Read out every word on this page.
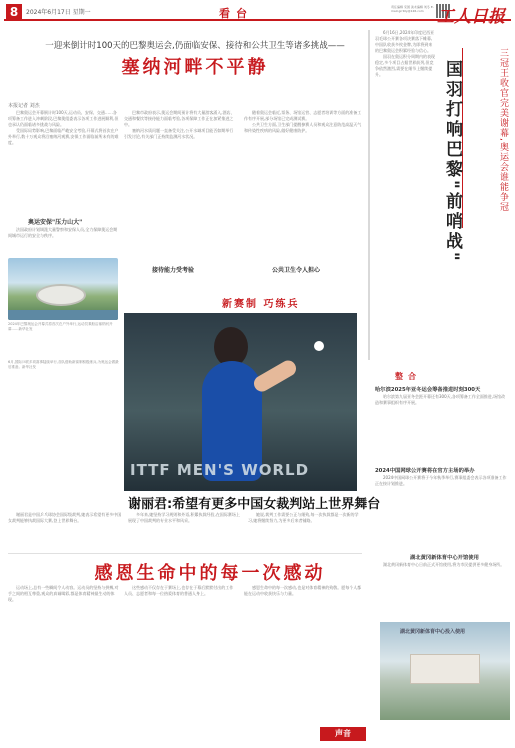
8	2024年6月17日 星期一	看台	责任编辑 宋国 美术编辑 刘冬 E-mail:grrbty@126.com 工人日报
一迎来倒计时100天的巴黎奥运会,仍面临安保、接待和公共卫生等诸多挑战——
塞纳河畔不平静
本报记者 刘杰

巴黎奥运会开幕倒计时100天,运动员、安保、交通……各项筹备工作进入冲刺阶段,巴黎奥组委表示各项工作进展顺利,但也承认仍面临诸多挑战与风险。

受国际局势影响,巴黎面临严峻安全考验,开幕式将首次在户外举行,数十万观众将沿塞纳河观赛,安保工作面临前所未有的难度。

奥运安保"压力山大"

法国政府计划调派大量警察和安保人员,全力保障奥运会期间城市运行的安全与秩序。

2024年巴黎奥运会开幕式将首次在户外举行,运动员乘船沿塞纳河开幕……新华社发

巴黎市政府表示,奥运会期间预计将有大量游客涌入,酒店、交通和餐饮等接待能力面临考验,各项保障工作正在加紧推进之中。

塞纳河水质问题一直备受关注,公开水域项目能否如期举行引发讨论,有关部门正持续监测河水状况。

接待能力受考验

随着奥运会临近,票务、场馆运营、志愿者培训等方面的准备工作有序开展,部分场馆已完成测试赛。

公共卫生方面,卫生部门提醒参赛人员和观众注意防范高温天气和传染性疾病的风险,做好健康防护。

公共卫生令人担心

6月16日,2024年印度尼西亚羽毛球公开赛各项决赛落下帷幕,中国队收获多枚金牌,为即将到来的巴黎奥运会积累经验与信心。

国羽在奥运积分周期内的表现稳定,多个项目占据世界前列,但竞争依然激烈,需要在细节上继续提升。	三冠王收官完美谢幕,奥运会谁能争冠
国羽打响巴黎"前哨战"
新赛制 巧练兵
ITTF MEN'S WORLD

6月,国际乒联多项赛事陆续举行,各队借助新赛制积极练兵,为奥运会做最后准备。新华社发

谢丽君:希望有更多中国女裁判站上世界舞台

谢丽君是中国乒乓球协会国际级裁判,她表示希望有更多中国女裁判能够执裁国际大赛,登上世界舞台。

多年来,她坚持学习规则和外语,积累执裁经验,在国际赛场上展现了中国裁判的专业水平和风采。

她说,裁判工作需要公正与细致,每一次执裁都是一次新的学习,她将继续努力,为更多后来者铺路。

感恩生命中的每一次感动

运动场上,总有一些瞬间令人动容。运动员的坚持与拼搏,对手之间的相互尊重,观众的真诚喝彩,都是体育精神最生动的体现。

这些感动不仅存在于赛场上,也存在于幕后默默付出的工作人员、志愿者和每一位热爱体育的普通人身上。

感恩生命中的每一次感动,也是对体育精神的致敬。愿每个人都能在运动中收获快乐与力量。

整合
哈尔滨2025年亚冬运会筹备推进时刻300天

哈尔滨第九届亚冬会距开幕还有300天,各项筹备工作全面推进,场馆改造和赛事组织有序开展。

2024中国网球公开赛将在官方主场的举办

2024中国网球公开赛将于今年秋季举行,赛事组委会表示各项准备工作正在按计划推进。

湖北黄冈新体育中心开馆使用

湖北黄冈新体育中心日前正式开馆使用,将为市民提供更多健身场所。

湖北黄冈新体育中心投入使用
声音
